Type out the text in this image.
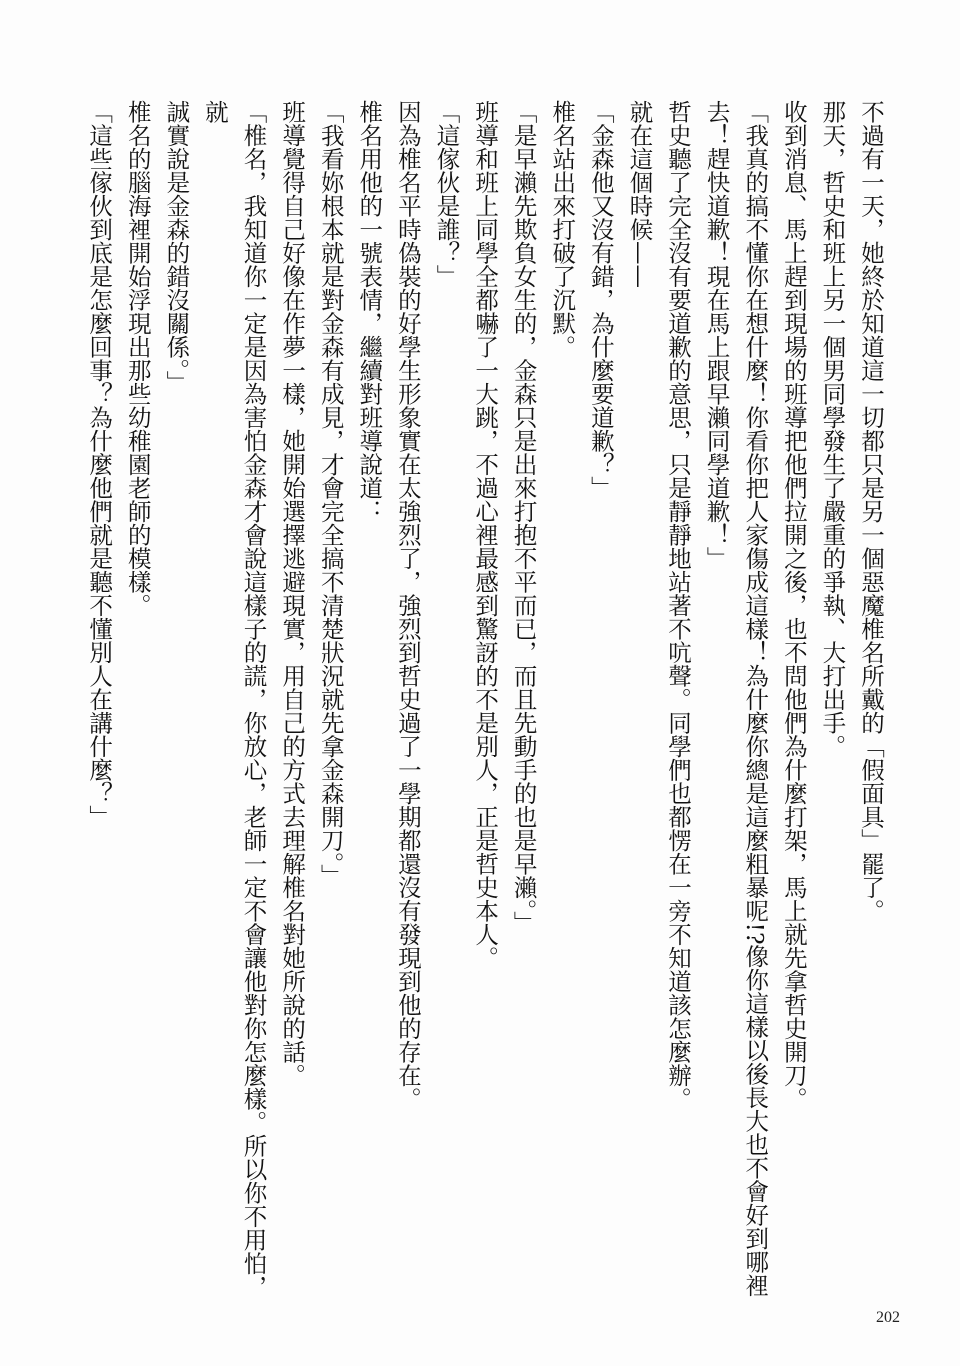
不過有一天，她終於知道這一切都只是另一個惡魔椎名所戴的「假面具」罷了。

那天，哲史和班上另一個男同學發生了嚴重的爭執、大打出手。

收到消息、馬上趕到現場的班導把他們拉開之後，也不問他們為什麼打架，馬上就先拿哲史開刀。

「我真的搞不懂你在想什麼！你看你把人家傷成這樣！為什麼你總是這麼粗暴呢!?像你這樣以後長大也不會好到哪裡

去！趕快道歉！現在馬上跟早瀨同學道歉！」

哲史聽了完全沒有要道歉的意思，只是靜靜地站著不吭聲。同學們也都愣在一旁不知道該怎麼辦。

就在這個時候——

「金森他又沒有錯，為什麼要道歉？」

椎名站出來打破了沉默。

「是早瀨先欺負女生的，金森只是出來打抱不平而已，而且先動手的也是早瀨。」

班導和班上同學全都嚇了一大跳，不過心裡最感到驚訝的不是別人，正是哲史本人。

「這傢伙是誰？」

因為椎名平時偽裝的好學生形象實在太強烈了，強烈到哲史過了一學期都還沒有發現到他的存在。

椎名用他的一號表情，繼續對班導說道：

「我看妳根本就是對金森有成見，才會完全搞不清楚狀況就先拿金森開刀。」

班導覺得自己好像在作夢一樣，她開始選擇逃避現實，用自己的方式去理解椎名對她所說的話。

「椎名，我知道你一定是因為害怕金森才會說這樣子的謊，你放心，老師一定不會讓他對你怎麼樣。所以你不用怕，就

誠實說是金森的錯沒關係。」

椎名的腦海裡開始浮現出那些幼稚園老師的模樣。

「這些傢伙到底是怎麼回事？為什麼他們就是聽不懂別人在講什麼？」

202
